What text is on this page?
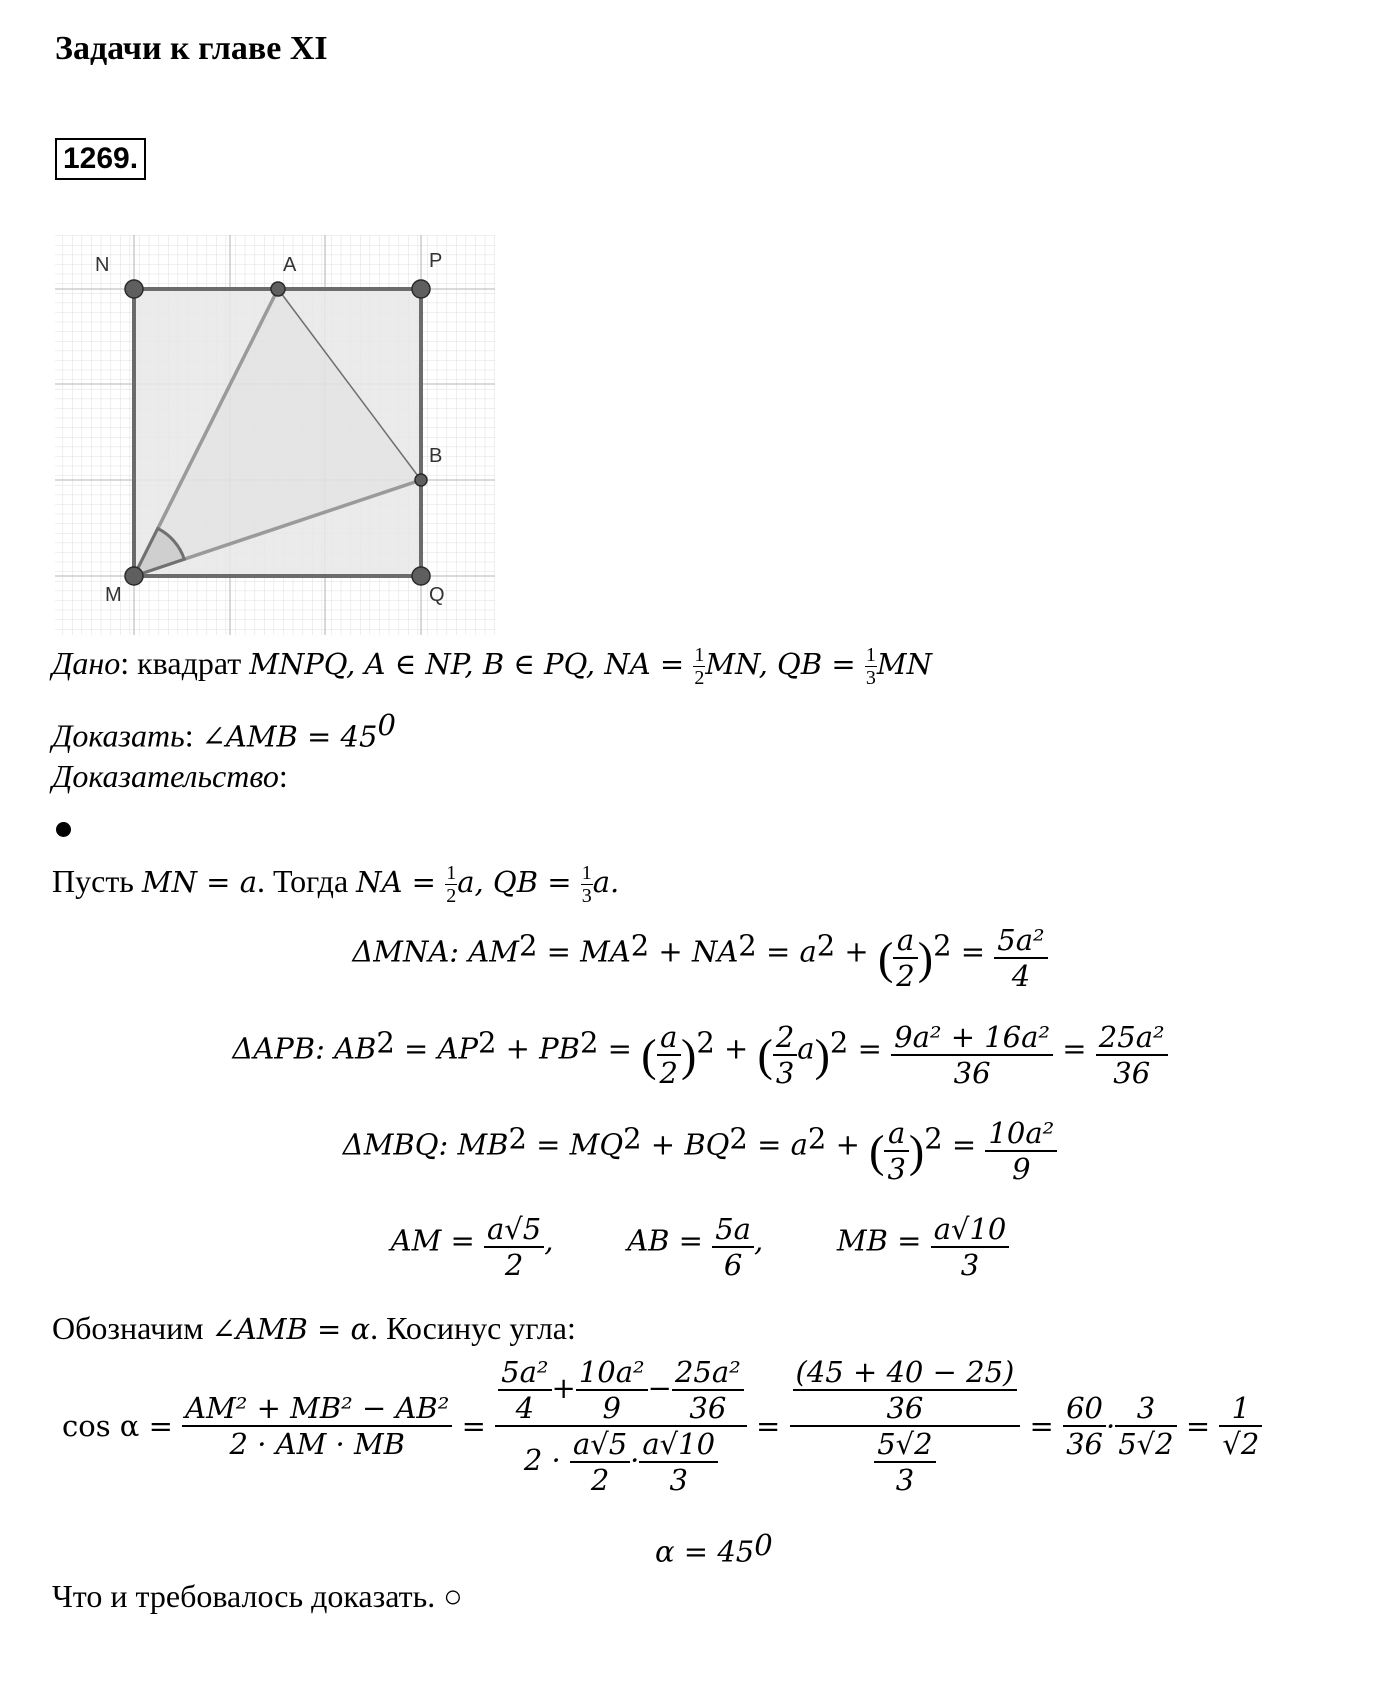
Задачи к главе XI
1269.
N	A	P
B
M	Q
Дано: квадрат MNPQ, A ∈ NP, B ∈ PQ, NA = $\frac{1}{2}$ MN, QB = $\frac{1}{3}$ MN
Доказать: ∠AMB = $45^0$
Доказательство:
Пусть MN = a. Тогда NA = $\frac{1}{2} a$, QB = $\frac{1}{3} a$.
ΔMNA: $AM^2 = MA^2 + NA^2 = a^2$ + ( $\frac{a}{2} )^2 = \frac{\text{5a²}}{4}$
ΔAPB: $AB^2 = AP^2 + PB^2$ = ( $\frac{a}{2} )^2$ + ( $\frac{2}{3} a)^2 = \frac{\text{9a² + 16a²}}{36} = \frac{\text{25a²}}{36}$
ΔMBQ: $MB^2 = MQ^2 + BQ^2 = a^2$ + ( $\frac{a}{3} )^2 = \frac{\text{10a²}}{9}$
AM = $\frac{a√5}{2}$ ,        AB = $\frac{5a}{6}$ ,        MB = $\frac{a√10}{3}$
Обозначим ∠AMB = α. Косинус угла:
$\cos \alpha = \frac{\text{AM² + MB² − AB²}}{2 \cdot AM \cdot MB} = \frac{\frac{\text{5a²}}{4} + \frac{\text{10a²}}{9} - \frac{\text{25a²}}{36}}{2 \cdot \frac{a√5}{2} \cdot \frac{a√10}{3}} = \frac{\frac{(45 + 40 - 25)}{36}}{\frac{5√2}{3}} = \frac{60}{36} \cdot \frac{3}{5√2} = \frac{1}{√2}$
$\alpha = 45^0$
Что и требовалось доказать. ○
